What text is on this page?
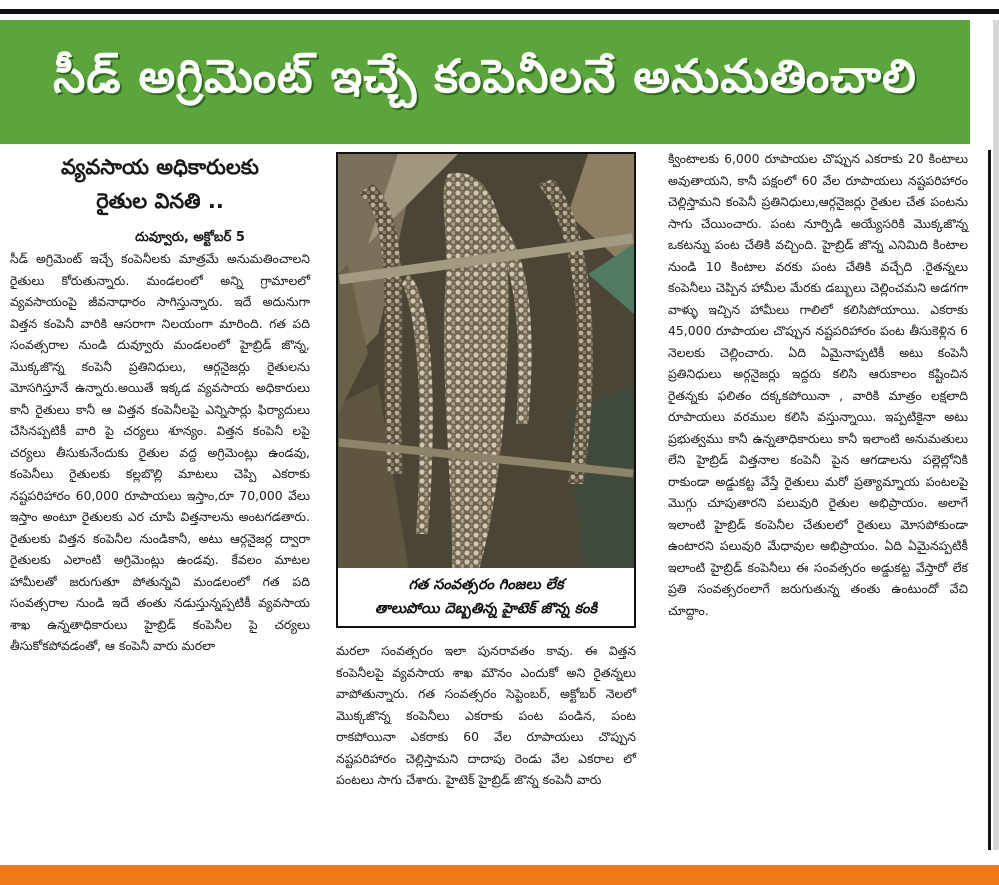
సీడ్ అగ్రిమెంట్ ఇచ్చే కంపెనీలనే అనుమతించాలి
వ్యవసాయ అధికారులకు
రైతుల వినతి ..
దువ్వూరు, అక్టోబర్ 5

సీడ్ అగ్రిమెంట్ ఇచ్చే కంపెనీలకు మాత్రమే అనుమతించాలని రైతులు కోరుతున్నారు. మండలంలో అన్ని గ్రామాలలో వ్యవసాయంపై జీవనాధారం సాగిస్తున్నారు. ఇదే అదునుగా విత్తన కంపెనీ వారికి ఆసరాగా నిలయంగా మారింది. గత పది సంవత్సరాల నుండి దువ్వూరు మండలంలో హైబ్రిడ్ జొన్న, మొక్కజొన్న కంపెనీ ప్రతినిధులు, ఆర్గనైజర్లు రైతులను మోసగిస్తూనే ఉన్నారు.అయితే ఇక్కడ వ్యవసాయ అధికారులు కానీ రైతులు కానీ ఆ విత్తన కంపెనీలపై ఎన్నిసార్లు ఫిర్యాదులు చేసినప్పటికీ వారి పై చర్యలు శూన్యం. విత్తన కంపెనీ లపై చర్యలు తీసుకునేందుకు రైతుల వద్ద అగ్రిమెంట్లు ఉండవు, కంపెనీలు రైతులకు కల్లబొల్లి మాటలు చెప్పి ఎకరాకు నష్టపరిహారం 60,000 రూపాయలు ఇస్తాం,రూ 70,000 వేలు ఇస్తాం అంటూ రైతులకు ఎర చూపి విత్తనాలను అంటగడతారు. రైతులకు విత్తన కంపెనీల నుండికానీ, అటు ఆర్గనైజర్ల ద్వారా రైతులకు ఎలాంటి అగ్రిమెంట్లు ఉండవు. కేవలం మాటల హామీలతో జరుగుతూ పోతున్నవి మండలంలో గత పది సంవత్సరాల నుండి ఇదే తంతు నడుస్తున్నప్పటికీ వ్యవసాయ శాఖ ఉన్నతాధికారులు హైబ్రిడ్ కంపెనీల పై చర్యలు తీసుకోకపోవడంతో, ఆ కంపెనీ వారు మరలా

గత సంవత్సరం గింజలు లేక
తాలుపోయి దెబ్బతిన్న హైటెక్ జొన్న కంకి

మరలా సంవత్సరం ఇలా పునరావతం కావు. ఈ విత్తన కంపెనీలపై వ్యవసాయ శాఖ మౌనం ఎందుకో అని రైతన్నలు వాపోతున్నారు. గత సంవత్సరం సెప్టెంబర్, అక్టోబర్ నెలలో మొక్కజొన్న కంపెనీలు ఎకరాకు పంట పండిన, పంట రాకపోయినా ఎకరాకు 60 వేల రూపాయలు చొప్పున నష్టపరిహారం చెల్లిస్తామని దాదాపు రెండు వేల ఎకరాల లో పంటలు సాగు చేశారు. హైటెక్ హైబ్రిడ్ జొన్న కంపెనీ వారు

క్వింటాలకు 6,000 రూపాయల చొప్పున ఎకరాకు 20 కింటాలు అవుతాయని, కానీ పక్షంలో 60 వేల రూపాయలు నష్టపరిహారం చెల్లిస్తామని కంపెనీ ప్రతినిధులు,ఆర్గనైజర్లు రైతుల చేత పంటను సాగు చేయించారు. పంట నూర్పిడి అయ్యేసరికి మొక్కజొన్న ఒకటన్ను పంట చేతికి వచ్చింది. హైబ్రిడ్ జొన్న ఎనిమిది కింటాల నుండి 10 కింటాల వరకు పంట చేతికి వచ్చేది .రైతన్నలు కంపెనీలు చెప్పిన హామీల మేరకు డబ్బులు చెల్లించమని అడగగా వాళ్ళు ఇచ్చిన హామీలు గాలిలో కలిసిపోయాయి. ఎకరాకు 45,000 రూపాయల చొప్పున నష్టపరిహారం పంట తీసుకెళ్లిన 6 నెలలకు చెల్లించారు. ఏది ఏమైనాప్పటికీ అటు కంపెనీ ప్రతినిధులు అర్గనైజర్లు ఇద్దరు కలిసి ఆరుకాలం కష్టించిన రైతన్నకు ఫలితం దక్కకపోయినా , వారికి మాత్రం లక్షలాది రూపాయలు వరముల కలిసి వస్తున్నాయి. ఇప్పటికైనా అటు ప్రభుత్వము కానీ ఉన్నతాధికారులు కానీ ఇలాంటి అనుమతులు లేని హైబ్రిడ్ విత్తనాల కంపెనీ పైన ఆగడాలను పల్లెల్లోనికి రాకుండా అడ్డుకట్ట వేస్తే రైతులు మరో ప్రత్యామ్నాయ పంటలపై మొగ్గు చూపుతారని పలువురి రైతుల అభిప్రాయం. అలాగే ఇలాంటి హైబ్రిడ్ కంపెనీల చేతులలో రైతులు మోసపోకుండా ఉంటారని పలువురి మేధావుల అభిప్రాయం. ఏది ఏమైనప్పటికీ ఇలాంటి హైబ్రిడ్ కంపెనీలు ఈ సంవత్సరం అడ్డుకట్ట వేస్తారో లేక ప్రతి సంవత్సరంలాగే జరుగుతున్న తంతు ఉంటుందో వేచి చూద్దాం.
